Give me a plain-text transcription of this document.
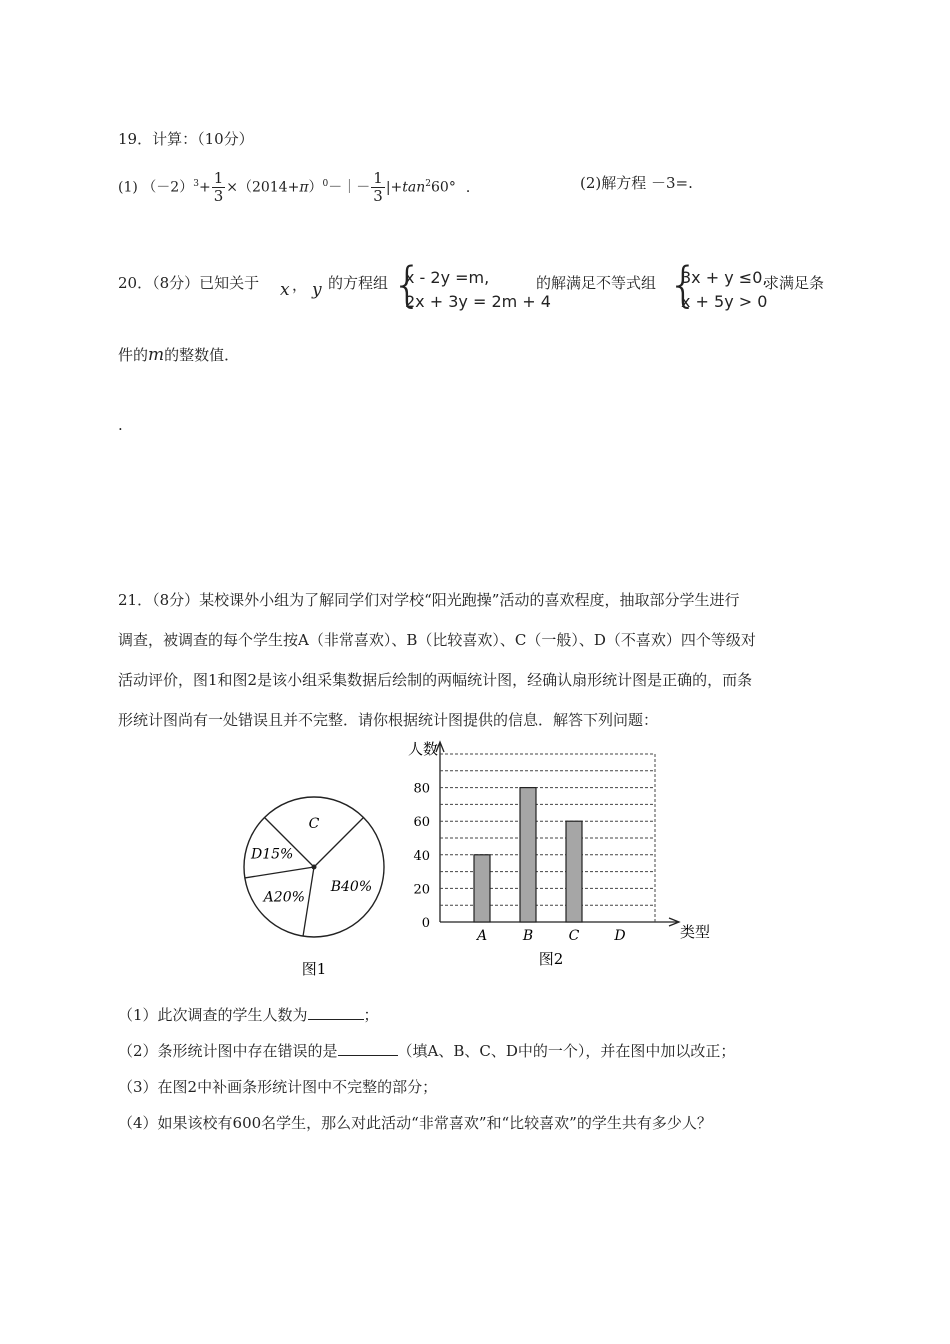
19．计算：（10分）
(1) $(-2)^3+ \frac{1}{3}$ $\times(2014+\pi)^0-|- \frac{1}{3} |+\tan^260^\circ$ ．	(2)解方程 －3=.
20．（8分）已知关于 x ， y 的方程组 {
x - 2y =m,
2x + 3y = 2m + 4
的解满足不等式组 {
3x + y ≤0,
x + 5y > 0
求满足条
件的m的整数值．
.
21．（8分）某校课外小组为了解同学们对学校“阳光跑操”活动的喜欢程度，抽取部分学生进行
调查，被调查的每个学生按A（非常喜欢）、B（比较喜欢）、C（一般）、D（不喜欢）四个等级对
活动评价，图1和图2是该小组采集数据后绘制的两幅统计图，经确认扇形统计图是正确的，而条
形统计图尚有一处错误且并不完整．请你根据统计图提供的信息．解答下列问题：
B40%
A20%
D15%
C
图1
0
20
40
60
80
人数
类型
A	B	C	D
图2
（1）此次调查的学生人数为	；
（2）条形统计图中存在错误的是	（填A、B、C、D中的一个），并在图中加以改正；
（3）在图2中补画条形统计图中不完整的部分；
（4）如果该校有600名学生，那么对此活动“非常喜欢”和“比较喜欢”的学生共有多少人？
